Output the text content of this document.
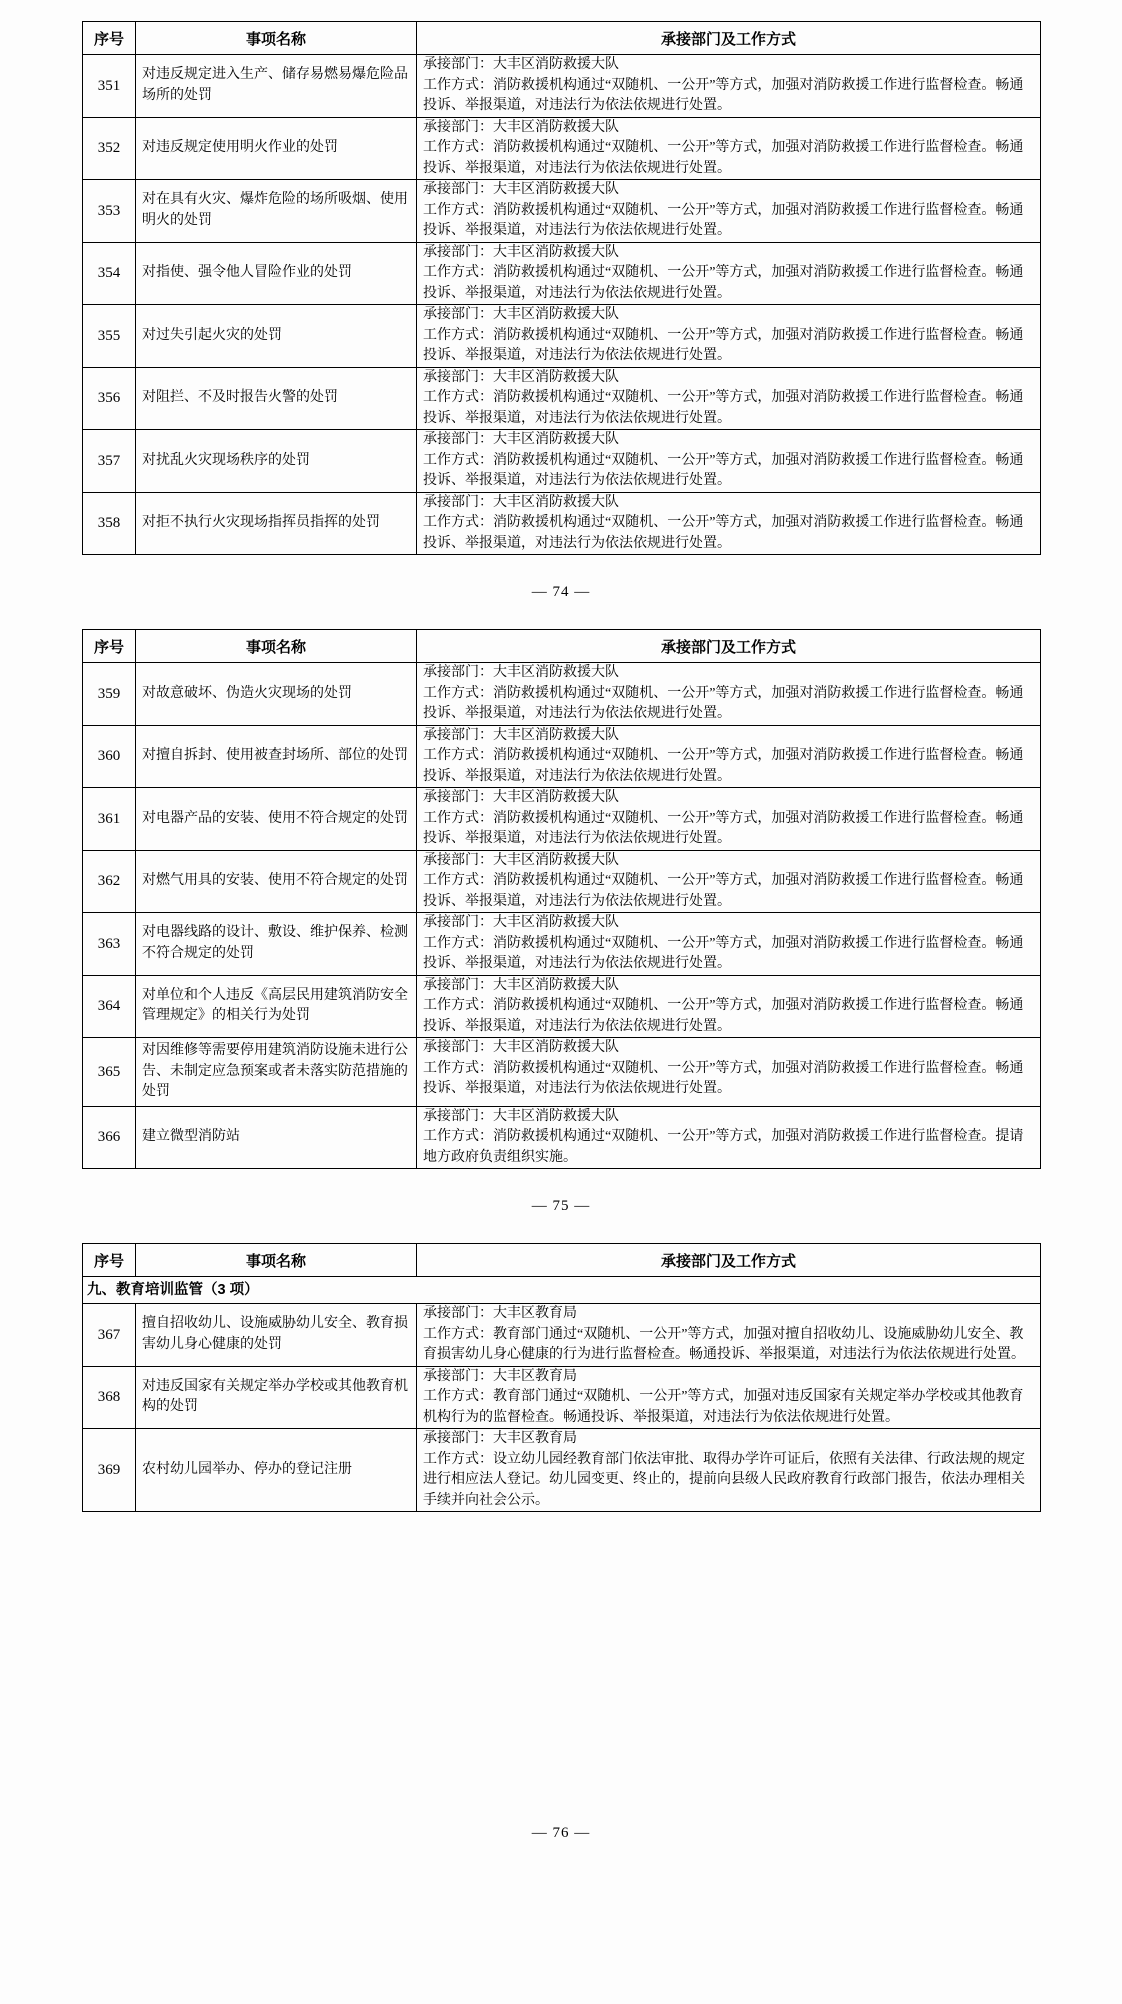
序号	事项名称	承接部门及工作方式
351	对违反规定进入生产、储存易燃易爆危险品场所的处罚	承接部门：大丰区消防救援大队
工作方式：消防救援机构通过“双随机、一公开”等方式，加强对消防救援工作进行监督检查。畅通投诉、举报渠道，对违法行为依法依规进行处置。

352	对违反规定使用明火作业的处罚	承接部门：大丰区消防救援大队
工作方式：消防救援机构通过“双随机、一公开”等方式，加强对消防救援工作进行监督检查。畅通投诉、举报渠道，对违法行为依法依规进行处置。

353	对在具有火灾、爆炸危险的场所吸烟、使用明火的处罚	承接部门：大丰区消防救援大队
工作方式：消防救援机构通过“双随机、一公开”等方式，加强对消防救援工作进行监督检查。畅通投诉、举报渠道，对违法行为依法依规进行处置。

354	对指使、强令他人冒险作业的处罚	承接部门：大丰区消防救援大队
工作方式：消防救援机构通过“双随机、一公开”等方式，加强对消防救援工作进行监督检查。畅通投诉、举报渠道，对违法行为依法依规进行处置。

355	对过失引起火灾的处罚	承接部门：大丰区消防救援大队
工作方式：消防救援机构通过“双随机、一公开”等方式，加强对消防救援工作进行监督检查。畅通投诉、举报渠道，对违法行为依法依规进行处置。

356	对阻拦、不及时报告火警的处罚	承接部门：大丰区消防救援大队
工作方式：消防救援机构通过“双随机、一公开”等方式，加强对消防救援工作进行监督检查。畅通投诉、举报渠道，对违法行为依法依规进行处置。

357	对扰乱火灾现场秩序的处罚	承接部门：大丰区消防救援大队
工作方式：消防救援机构通过“双随机、一公开”等方式，加强对消防救援工作进行监督检查。畅通投诉、举报渠道，对违法行为依法依规进行处置。

358	对拒不执行火灾现场指挥员指挥的处罚	承接部门：大丰区消防救援大队
工作方式：消防救援机构通过“双随机、一公开”等方式，加强对消防救援工作进行监督检查。畅通投诉、举报渠道，对违法行为依法依规进行处置。
— 74 —
序号	事项名称	承接部门及工作方式
359	对故意破坏、伪造火灾现场的处罚	承接部门：大丰区消防救援大队
工作方式：消防救援机构通过“双随机、一公开”等方式，加强对消防救援工作进行监督检查。畅通投诉、举报渠道，对违法行为依法依规进行处置。

360	对擅自拆封、使用被查封场所、部位的处罚	承接部门：大丰区消防救援大队
工作方式：消防救援机构通过“双随机、一公开”等方式，加强对消防救援工作进行监督检查。畅通投诉、举报渠道，对违法行为依法依规进行处置。

361	对电器产品的安装、使用不符合规定的处罚	承接部门：大丰区消防救援大队
工作方式：消防救援机构通过“双随机、一公开”等方式，加强对消防救援工作进行监督检查。畅通投诉、举报渠道，对违法行为依法依规进行处置。

362	对燃气用具的安装、使用不符合规定的处罚	承接部门：大丰区消防救援大队
工作方式：消防救援机构通过“双随机、一公开”等方式，加强对消防救援工作进行监督检查。畅通投诉、举报渠道，对违法行为依法依规进行处置。

363	对电器线路的设计、敷设、维护保养、检测不符合规定的处罚	承接部门：大丰区消防救援大队
工作方式：消防救援机构通过“双随机、一公开”等方式，加强对消防救援工作进行监督检查。畅通投诉、举报渠道，对违法行为依法依规进行处置。

364	对单位和个人违反《高层民用建筑消防安全管理规定》的相关行为处罚	承接部门：大丰区消防救援大队
工作方式：消防救援机构通过“双随机、一公开”等方式，加强对消防救援工作进行监督检查。畅通投诉、举报渠道，对违法行为依法依规进行处置。

365	对因维修等需要停用建筑消防设施未进行公告、未制定应急预案或者未落实防范措施的处罚	承接部门：大丰区消防救援大队
工作方式：消防救援机构通过“双随机、一公开”等方式，加强对消防救援工作进行监督检查。畅通投诉、举报渠道，对违法行为依法依规进行处置。

366	建立微型消防站	承接部门：大丰区消防救援大队
工作方式：消防救援机构通过“双随机、一公开”等方式，加强对消防救援工作进行监督检查。提请地方政府负责组织实施。
— 75 —
序号	事项名称	承接部门及工作方式
九、教育培训监管（3 项）		
367	擅自招收幼儿、设施威胁幼儿安全、教育损害幼儿身心健康的处罚	承接部门：大丰区教育局
工作方式：教育部门通过“双随机、一公开”等方式，加强对擅自招收幼儿、设施威胁幼儿安全、教育损害幼儿身心健康的行为进行监督检查。畅通投诉、举报渠道，对违法行为依法依规进行处置。

368	对违反国家有关规定举办学校或其他教育机构的处罚	承接部门：大丰区教育局
工作方式：教育部门通过“双随机、一公开”等方式，加强对违反国家有关规定举办学校或其他教育机构行为的监督检查。畅通投诉、举报渠道，对违法行为依法依规进行处置。

369	农村幼儿园举办、停办的登记注册	承接部门：大丰区教育局
工作方式：设立幼儿园经教育部门依法审批、取得办学许可证后，依照有关法律、行政法规的规定进行相应法人登记。幼儿园变更、终止的，提前向县级人民政府教育行政部门报告，依法办理相关手续并向社会公示。
— 76 —
